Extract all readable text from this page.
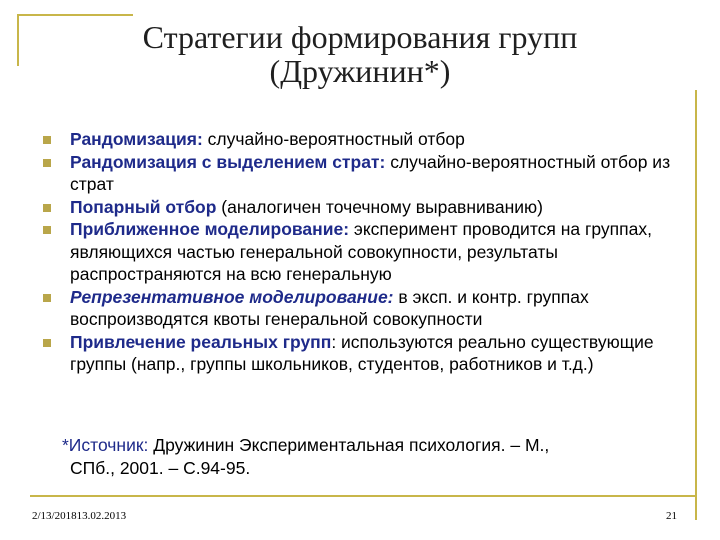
Стратегии формирования групп
(Дружинин*)
Рандомизация: случайно-вероятностный отбор
Рандомизация с выделением страт: случайно-вероятностный отбор из страт
Попарный отбор (аналогичен точечному выравниванию)
Приближенное моделирование: эксперимент проводится на группах, являющихся частью генеральной совокупности, результаты распространяются на всю генеральную
Репрезентативное моделирование: в эксп. и контр. группах воспроизводятся квоты генеральной совокупности
Привлечение реальных групп: используются реально существующие группы (напр., группы школьников, студентов, работников и т.д.)
*Источник: Дружинин Экспериментальная психология. – М.,
СПб., 2001. – С.94-95.
2/13/201813.02.2013	21
